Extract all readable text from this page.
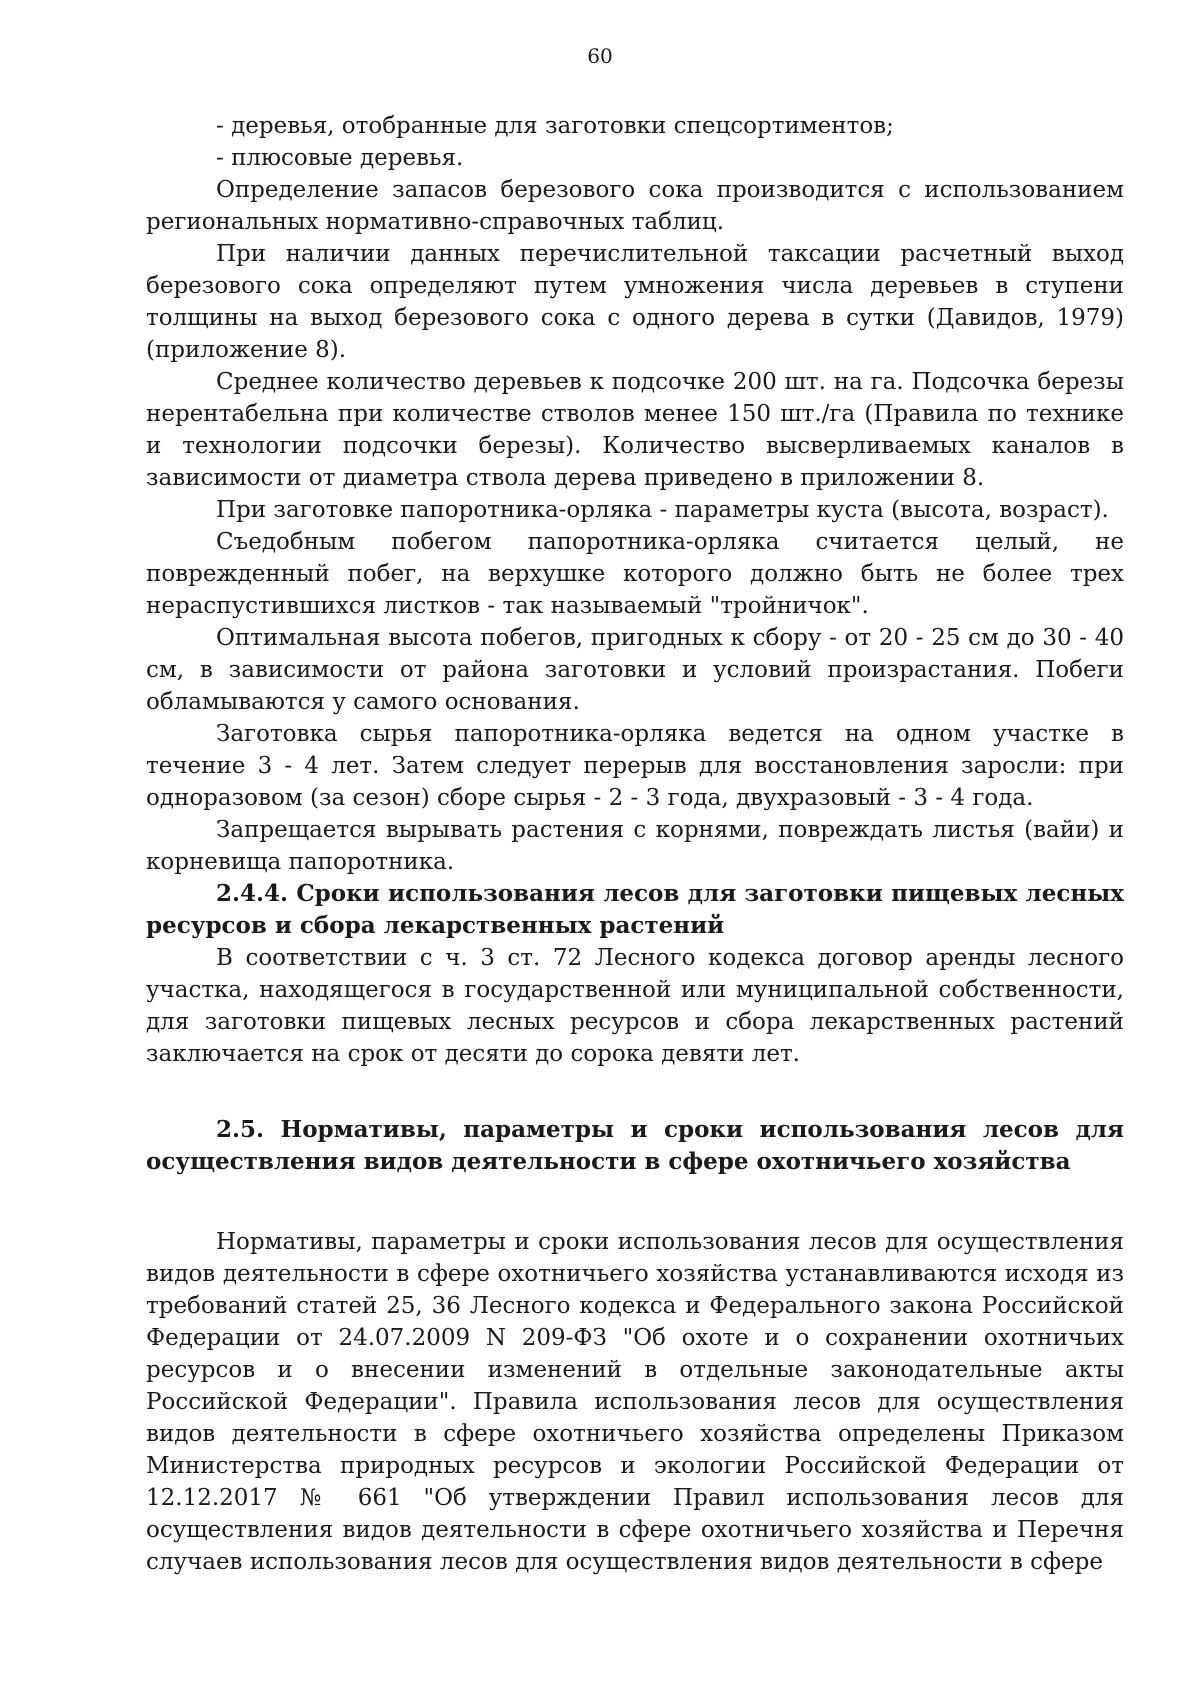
60

- деревья, отобранные для заготовки спецсортиментов;

- плюсовые деревья.

Определение запасов березового сока производится с использованием региональных нормативно-справочных таблиц.

При наличии данных перечислительной таксации расчетный выход березового сока определяют путем умножения числа деревьев в ступени толщины на выход березового сока с одного дерева в сутки (Давидов, 1979) (приложение 8).

Среднее количество деревьев к подсочке 200 шт. на га. Подсочка березы нерентабельна при количестве стволов менее 150 шт./га (Правила по технике и технологии подсочки березы). Количество высверливаемых каналов в зависимости от диаметра ствола дерева приведено в приложении 8.

При заготовке папоротника-орляка - параметры куста (высота, возраст).

Съедобным побегом папоротника-орляка считается целый, не поврежденный побег, на верхушке которого должно быть не более трех нераспустившихся листков - так называемый "тройничок".

Оптимальная высота побегов, пригодных к сбору - от 20 - 25 см до 30 - 40 см, в зависимости от района заготовки и условий произрастания. Побеги обламываются у самого основания.

Заготовка сырья папоротника-орляка ведется на одном участке в течение 3 - 4 лет. Затем следует перерыв для восстановления заросли: при одноразовом (за сезон) сборе сырья - 2 - 3 года, двухразовый - 3 - 4 года.

Запрещается вырывать растения с корнями, повреждать листья (вайи) и корневища папоротника.

2.4.4. Сроки использования лесов для заготовки пищевых лесных ресурсов и сбора лекарственных растений

В соответствии с ч. 3 ст. 72 Лесного кодекса договор аренды лесного участка, находящегося в государственной или муниципальной собственности, для заготовки пищевых лесных ресурсов и сбора лекарственных растений заключается на срок от десяти до сорока девяти лет.

2.5. Нормативы, параметры и сроки использования лесов для осуществления видов деятельности в сфере охотничьего хозяйства

Нормативы, параметры и сроки использования лесов для осуществления видов деятельности в сфере охотничьего хозяйства устанавливаются исходя из требований статей 25, 36 Лесного кодекса и Федерального закона Российской Федерации от 24.07.2009 N 209-ФЗ "Об охоте и о сохранении охотничьих ресурсов и о внесении изменений в отдельные законодательные акты Российской Федерации". Правила использования лесов для осуществления видов деятельности в сфере охотничьего хозяйства определены Приказом Министерства природных ресурсов и экологии Российской Федерации от 12.12.2017 № 661 "Об утверждении Правил использования лесов для осуществления видов деятельности в сфере охотничьего хозяйства и Перечня случаев использования лесов для осуществления видов деятельности в сфере
